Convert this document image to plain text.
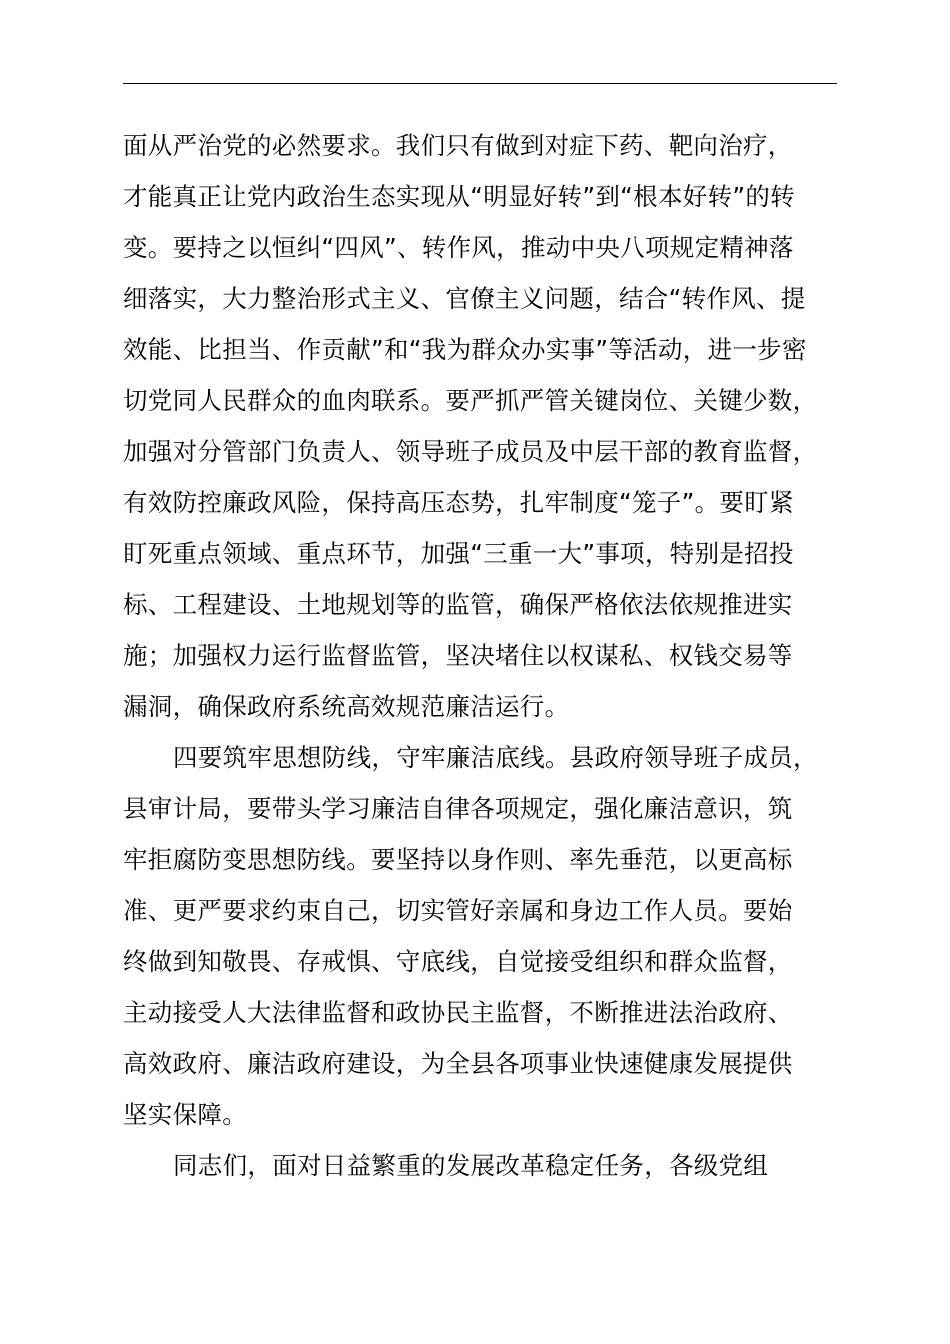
面从严治党的必然要求。我们只有做到对症下药、靶向治疗，
才能真正让党内政治生态实现从“明显好转”到“根本好转”的转
变。要持之以恒纠“四风”、转作风，推动中央八项规定精神落
细落实，大力整治形式主义、官僚主义问题，结合“转作风、提
效能、比担当、作贡献”和“我为群众办实事”等活动，进一步密
切党同人民群众的血肉联系。要严抓严管关键岗位、关键少数，
加强对分管部门负责人、领导班子成员及中层干部的教育监督，
有效防控廉政风险，保持高压态势，扎牢制度“笼子”。要盯紧
盯死重点领域、重点环节，加强“三重一大”事项，特别是招投
标、工程建设、土地规划等的监管，确保严格依法依规推进实
施；加强权力运行监督监管，坚决堵住以权谋私、权钱交易等
漏洞，确保政府系统高效规范廉洁运行。
四要筑牢思想防线，守牢廉洁底线。县政府领导班子成员，
县审计局，要带头学习廉洁自律各项规定，强化廉洁意识，筑
牢拒腐防变思想防线。要坚持以身作则、率先垂范，以更高标
准、更严要求约束自己，切实管好亲属和身边工作人员。要始
终做到知敬畏、存戒惧、守底线，自觉接受组织和群众监督，
主动接受人大法律监督和政协民主监督，不断推进法治政府、
高效政府、廉洁政府建设，为全县各项事业快速健康发展提供
坚实保障。
同志们，面对日益繁重的发展改革稳定任务，各级党组
